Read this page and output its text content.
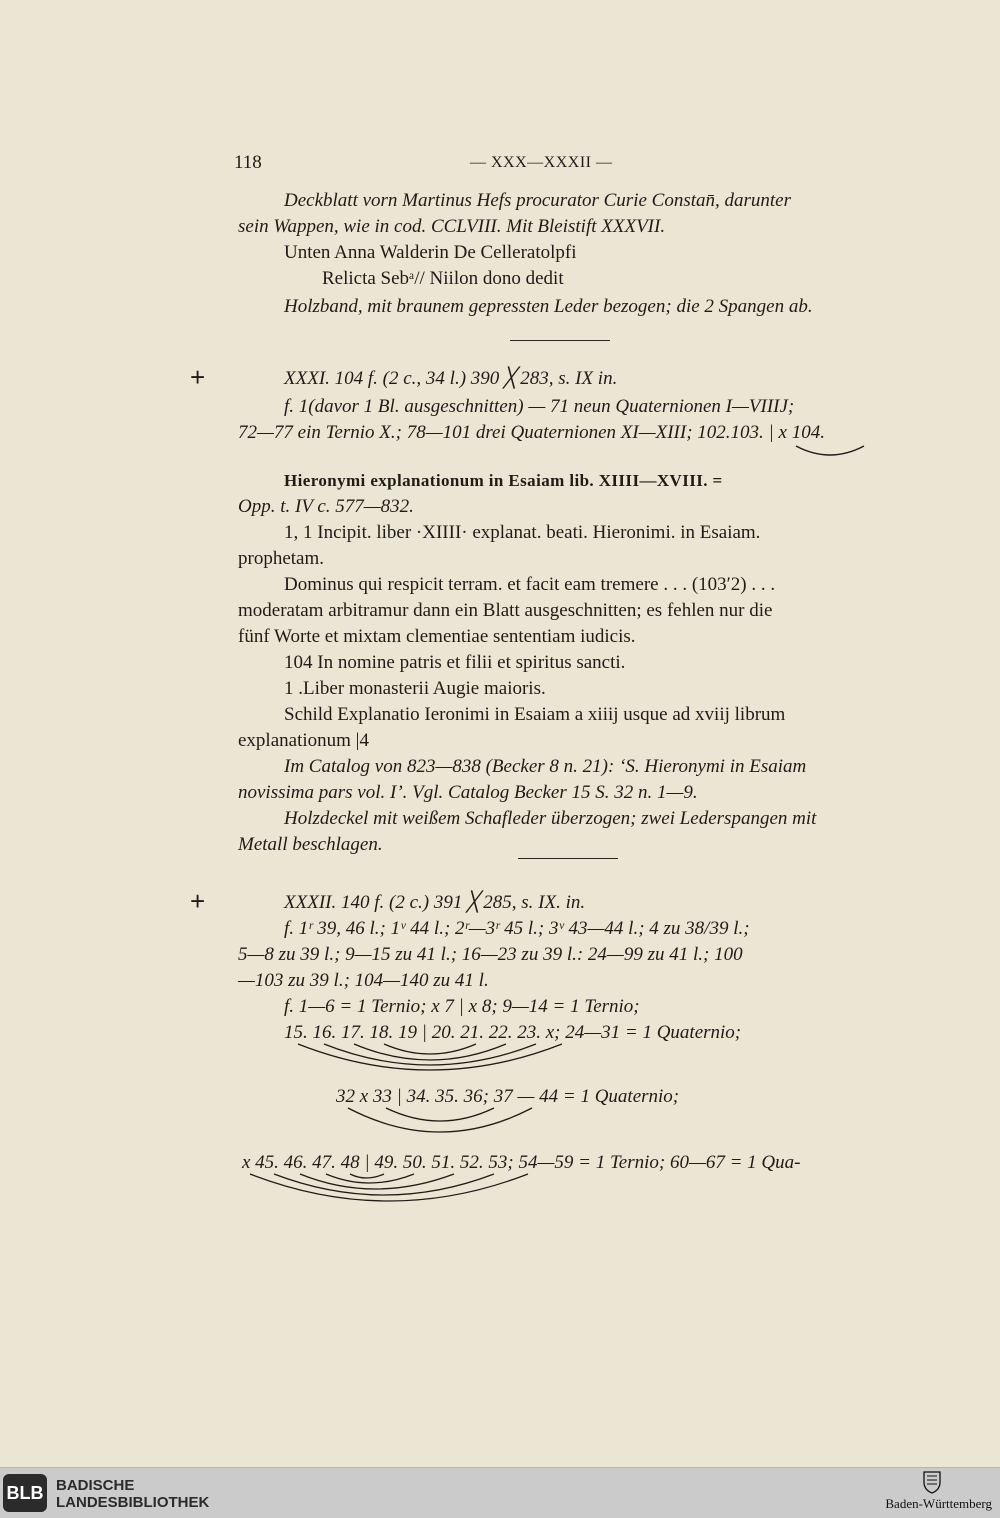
118	— XXX—XXXII —
Deckblatt vorn Martinus Hefs procurator Curie Constan̄, darunter
sein Wappen, wie in cod. CCLVIII. Mit Bleistift XXXVII.
Unten Anna Walderin De Celleratolpfi
Relicta Sebᵃ// Niilon dono dedit
Holzband, mit braunem gepressten Leder bezogen; die 2 Spangen ab.
+	XXXI. 104 f. (2 c., 34 l.) 390 ╳ 283, s. IX in.
f. 1(davor 1 Bl. ausgeschnitten) — 71 neun Quaternionen I—VIIIJ;
72—77 ein Ternio X.; 78—101 drei Quaternionen XI—XIII; 102.103. | x 104.
Hieronymi explanationum in Esaiam lib. XIIII—XVIII. =
Opp. t. IV c. 577—832.
1, 1 Incipit. liber ·XIIII· explanat. beati. Hieronimi. in Esaiam.
prophetam.
Dominus qui respicit terram. et facit eam tremere . . . (103′2) . . .
moderatam arbitramur dann ein Blatt ausgeschnitten; es fehlen nur die
fünf Worte et mixtam clementiae sententiam iudicis.
104 In nomine patris et filii et spiritus sancti.
1 .Liber monasterii Augie maioris.
Schild Explanatio Ieronimi in Esaiam a xiiij usque ad xviij librum
explanationum |4
Im Catalog von 823—838 (Becker 8 n. 21): ‘S. Hieronymi in Esaiam
novissima pars vol. I’. Vgl. Catalog Becker 15 S. 32 n. 1—9.
Holzdeckel mit weißem Schafleder überzogen; zwei Lederspangen mit
Metall beschlagen.
+	XXXII. 140 f. (2 c.) 391 ╳ 285, s. IX. in.
f. 1ʳ 39, 46 l.; 1ᵛ 44 l.; 2ʳ—3ʳ 45 l.; 3ᵛ 43—44 l.; 4 zu 38/39 l.;
5—8 zu 39 l.; 9—15 zu 41 l.; 16—23 zu 39 l.: 24—99 zu 41 l.; 100
—103 zu 39 l.; 104—140 zu 41 l.
f. 1—6 = 1 Ternio; x 7 | x 8; 9—14 = 1 Ternio;
15. 16. 17. 18. 19 | 20. 21. 22. 23. x; 24—31 = 1 Quaternio;
32 x 33 | 34. 35. 36; 37 — 44 = 1 Quaternio;
x 45. 46. 47. 48 | 49. 50. 51. 52. 53; 54—59 = 1 Ternio; 60—67 = 1 Qua-
BLB BADISCHE
LANDESBIBLIOTHEK	Baden-Württemberg
